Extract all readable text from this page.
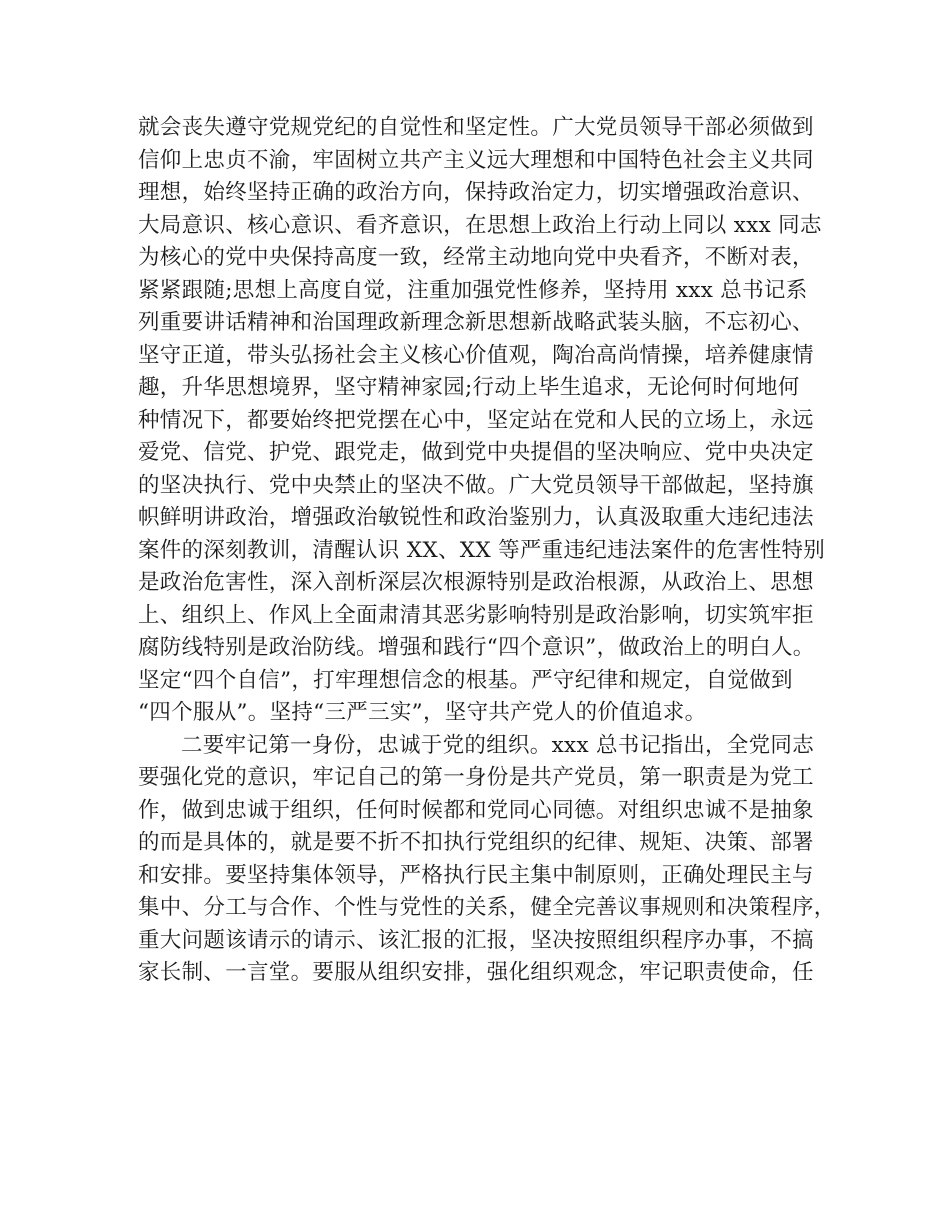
就会丧失遵守党规党纪的自觉性和坚定性。广大党员领导干部必须做到
信仰上忠贞不渝，牢固树立共产主义远大理想和中国特色社会主义共同
理想，始终坚持正确的政治方向，保持政治定力，切实增强政治意识、
大局意识、核心意识、看齐意识，在思想上政治上行动上同以 xxx 同志
为核心的党中央保持高度一致，经常主动地向党中央看齐，不断对表，
紧紧跟随;思想上高度自觉，注重加强党性修养，坚持用 xxx 总书记系
列重要讲话精神和治国理政新理念新思想新战略武装头脑，不忘初心、
坚守正道，带头弘扬社会主义核心价值观，陶冶高尚情操，培养健康情
趣，升华思想境界，坚守精神家园;行动上毕生追求，无论何时何地何
种情况下，都要始终把党摆在心中，坚定站在党和人民的立场上，永远
爱党、信党、护党、跟党走，做到党中央提倡的坚决响应、党中央决定
的坚决执行、党中央禁止的坚决不做。广大党员领导干部做起，坚持旗
帜鲜明讲政治，增强政治敏锐性和政治鉴别力，认真汲取重大违纪违法
案件的深刻教训，清醒认识 XX、XX 等严重违纪违法案件的危害性特别
是政治危害性，深入剖析深层次根源特别是政治根源，从政治上、思想
上、组织上、作风上全面肃清其恶劣影响特别是政治影响，切实筑牢拒
腐防线特别是政治防线。增强和践行“四个意识”，做政治上的明白人。
坚定“四个自信”，打牢理想信念的根基。严守纪律和规定，自觉做到
“四个服从”。坚持“三严三实”，坚守共产党人的价值追求。
二要牢记第一身份，忠诚于党的组织。xxx 总书记指出，全党同志
要强化党的意识，牢记自己的第一身份是共产党员，第一职责是为党工
作，做到忠诚于组织，任何时候都和党同心同德。对组织忠诚不是抽象
的而是具体的，就是要不折不扣执行党组织的纪律、规矩、决策、部署
和安排。要坚持集体领导，严格执行民主集中制原则，正确处理民主与
集中、分工与合作、个性与党性的关系，健全完善议事规则和决策程序，
重大问题该请示的请示、该汇报的汇报，坚决按照组织程序办事，不搞
家长制、一言堂。要服从组织安排，强化组织观念，牢记职责使命，任
